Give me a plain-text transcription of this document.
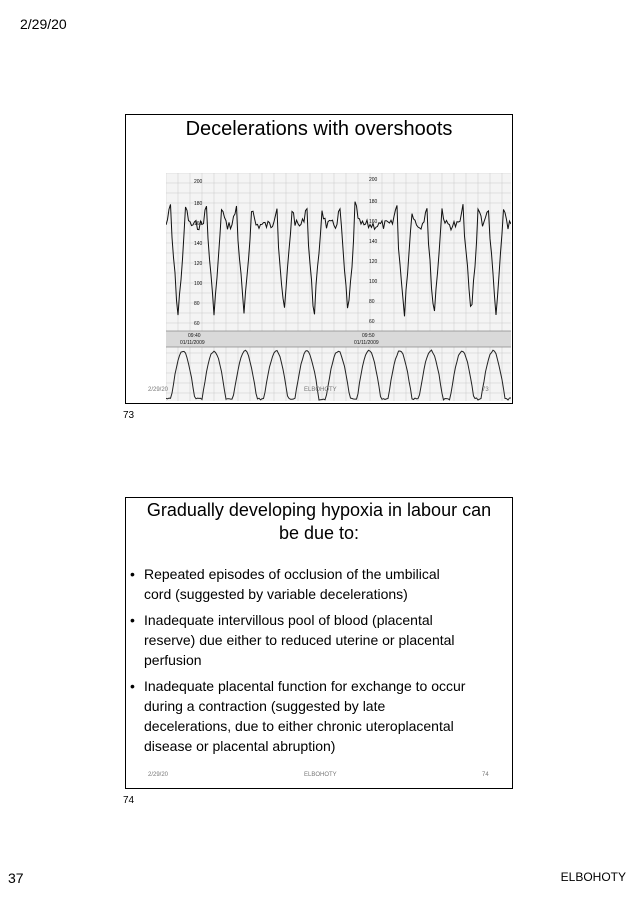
2/29/20
Decelerations with overshoots
200
180
160
140
120
100
80
60
200
180
160
140
120
100
80
60
09:40
01/11/2009
09:50
01/11/2009
2/29/20	ELBOHOTY	73
73
Gradually developing hypoxia in labour can
be due to:
• Repeated episodes of occlusion of the umbilical
cord (suggested by variable decelerations)
• Inadequate intervillous pool of blood (placental
reserve) due either to reduced uterine or placental
perfusion
• Inadequate placental function for exchange to occur
during a contraction (suggested by late
decelerations, due to either chronic uteroplacental
disease or placental abruption)
2/29/20	ELBOHOTY	74
74
37	ELBOHOTY
